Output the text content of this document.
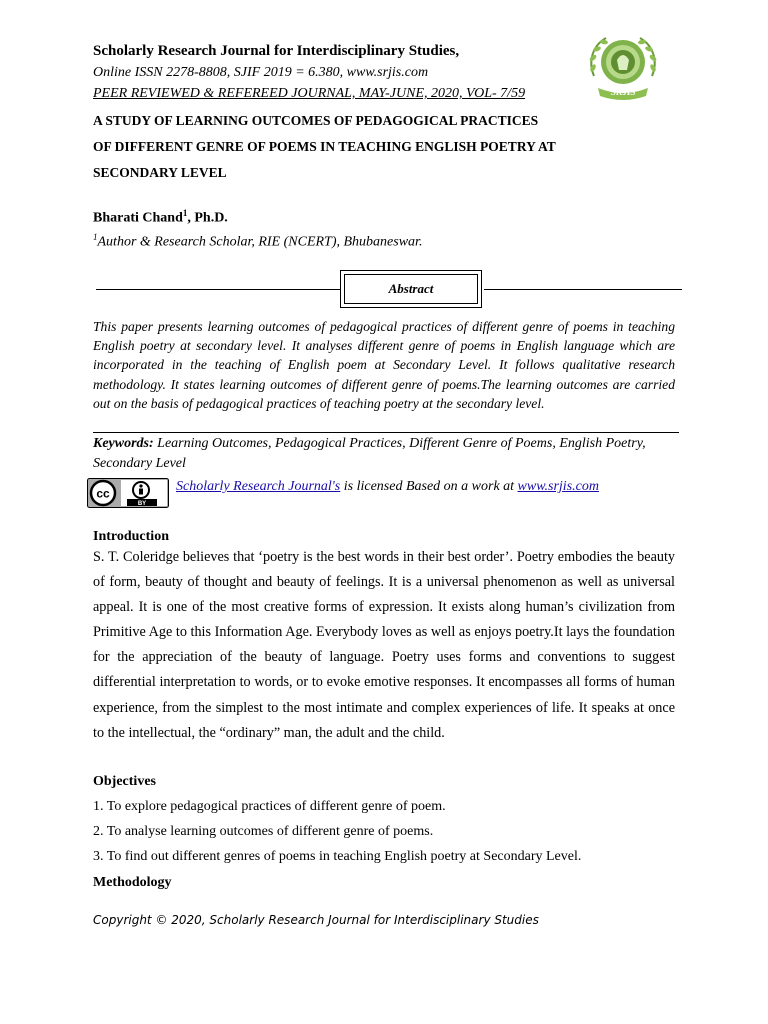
Scholarly Research Journal for Interdisciplinary Studies,
Online ISSN 2278-8808, SJIF 2019 = 6.380, www.srjis.com
PEER REVIEWED & REFEREED JOURNAL, MAY-JUNE, 2020, VOL- 7/59	SRJIS
A STUDY OF LEARNING OUTCOMES OF PEDAGOGICAL PRACTICES
OF DIFFERENT GENRE OF POEMS IN TEACHING ENGLISH POETRY AT
SECONDARY LEVEL
Bharati Chand$^1$, Ph.D.
$^1$Author & Research Scholar, RIE (NCERT), Bhubaneswar.
Abstract
This paper presents learning outcomes of pedagogical practices of different genre of poems in teaching English poetry at secondary level. It analyses different genre of poems in English language which are incorporated in the teaching of English poem at Secondary Level. It follows qualitative research methodology. It states learning outcomes of different genre of poems.The learning outcomes are carried out on the basis of pedagogical practices of teaching poetry at the secondary level.
Keywords: Learning Outcomes, Pedagogical Practices, Different Genre of Poems, English Poetry, Secondary Level
cc
BY
Scholarly Research Journal's is licensed Based on a work at www.srjis.com
Introduction
S. T. Coleridge believes that ‘poetry is the best words in their best order’. Poetry embodies the beauty of form, beauty of thought and beauty of feelings. It is a universal phenomenon as well as universal appeal. It is one of the most creative forms of expression. It exists along human’s civilization from Primitive Age to this Information Age. Everybody loves as well as enjoys poetry.It lays the foundation for the appreciation of the beauty of language. Poetry uses forms and conventions to suggest differential interpretation to words, or to evoke emotive responses. It encompasses all forms of human experience, from the simplest to the most intimate and complex experiences of life. It speaks at once to the intellectual, the “ordinary” man, the adult and the child.
Objectives
1. To explore pedagogical practices of different genre of poem.
2. To analyse learning outcomes of different genre of poems.
3. To find out different genres of poems in teaching English poetry at Secondary Level.
Methodology
Copyright © 2020, Scholarly Research Journal for Interdisciplinary Studies
